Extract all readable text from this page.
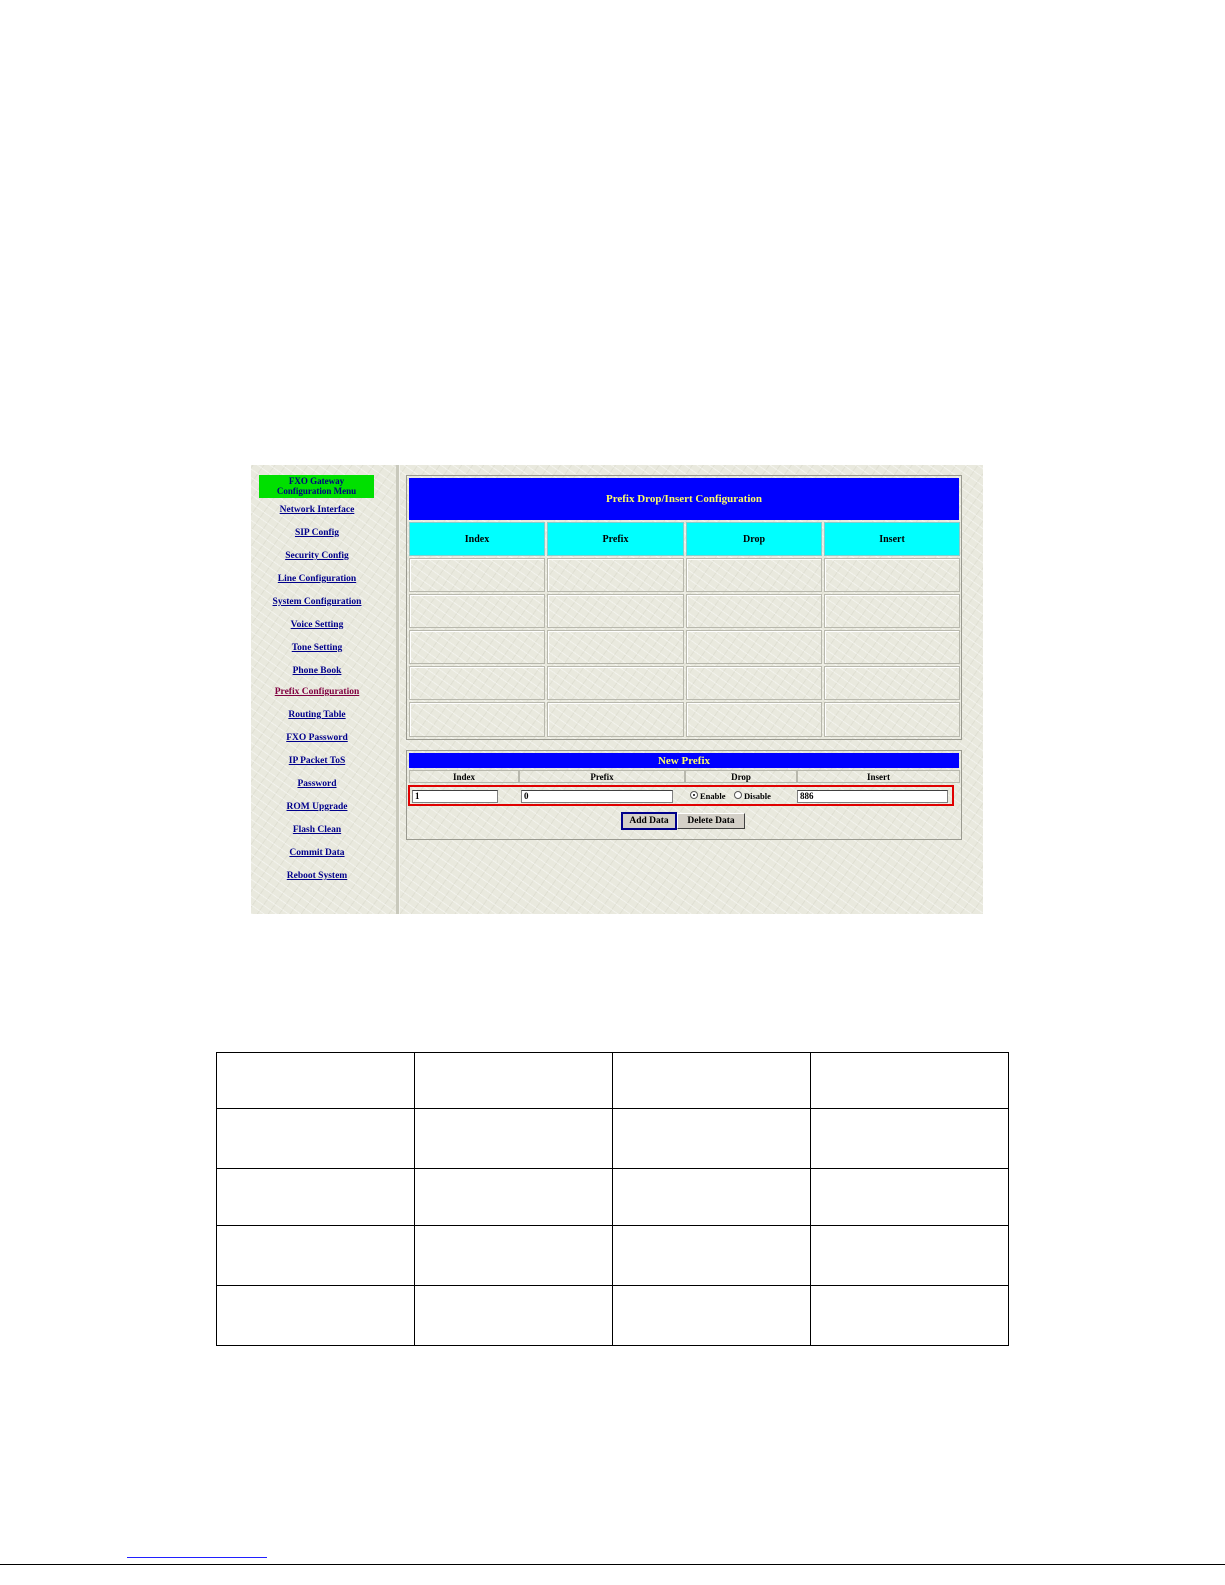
FXO Gateway
Configuration Menu
Network Interface
SIP Config
Security Config
Line Configuration
System Configuration
Voice Setting
Tone Setting
Phone Book
Prefix Configuration
Routing Table
FXO Password
IP Packet ToS
Password
ROM Upgrade
Flash Clean
Commit Data
Reboot System
Prefix Drop/Insert Configuration
Index	Prefix	Drop	Insert
New Prefix
Index	Prefix	Drop	Insert
1	0	Enable Disable	886
Add Data	Delete Data
